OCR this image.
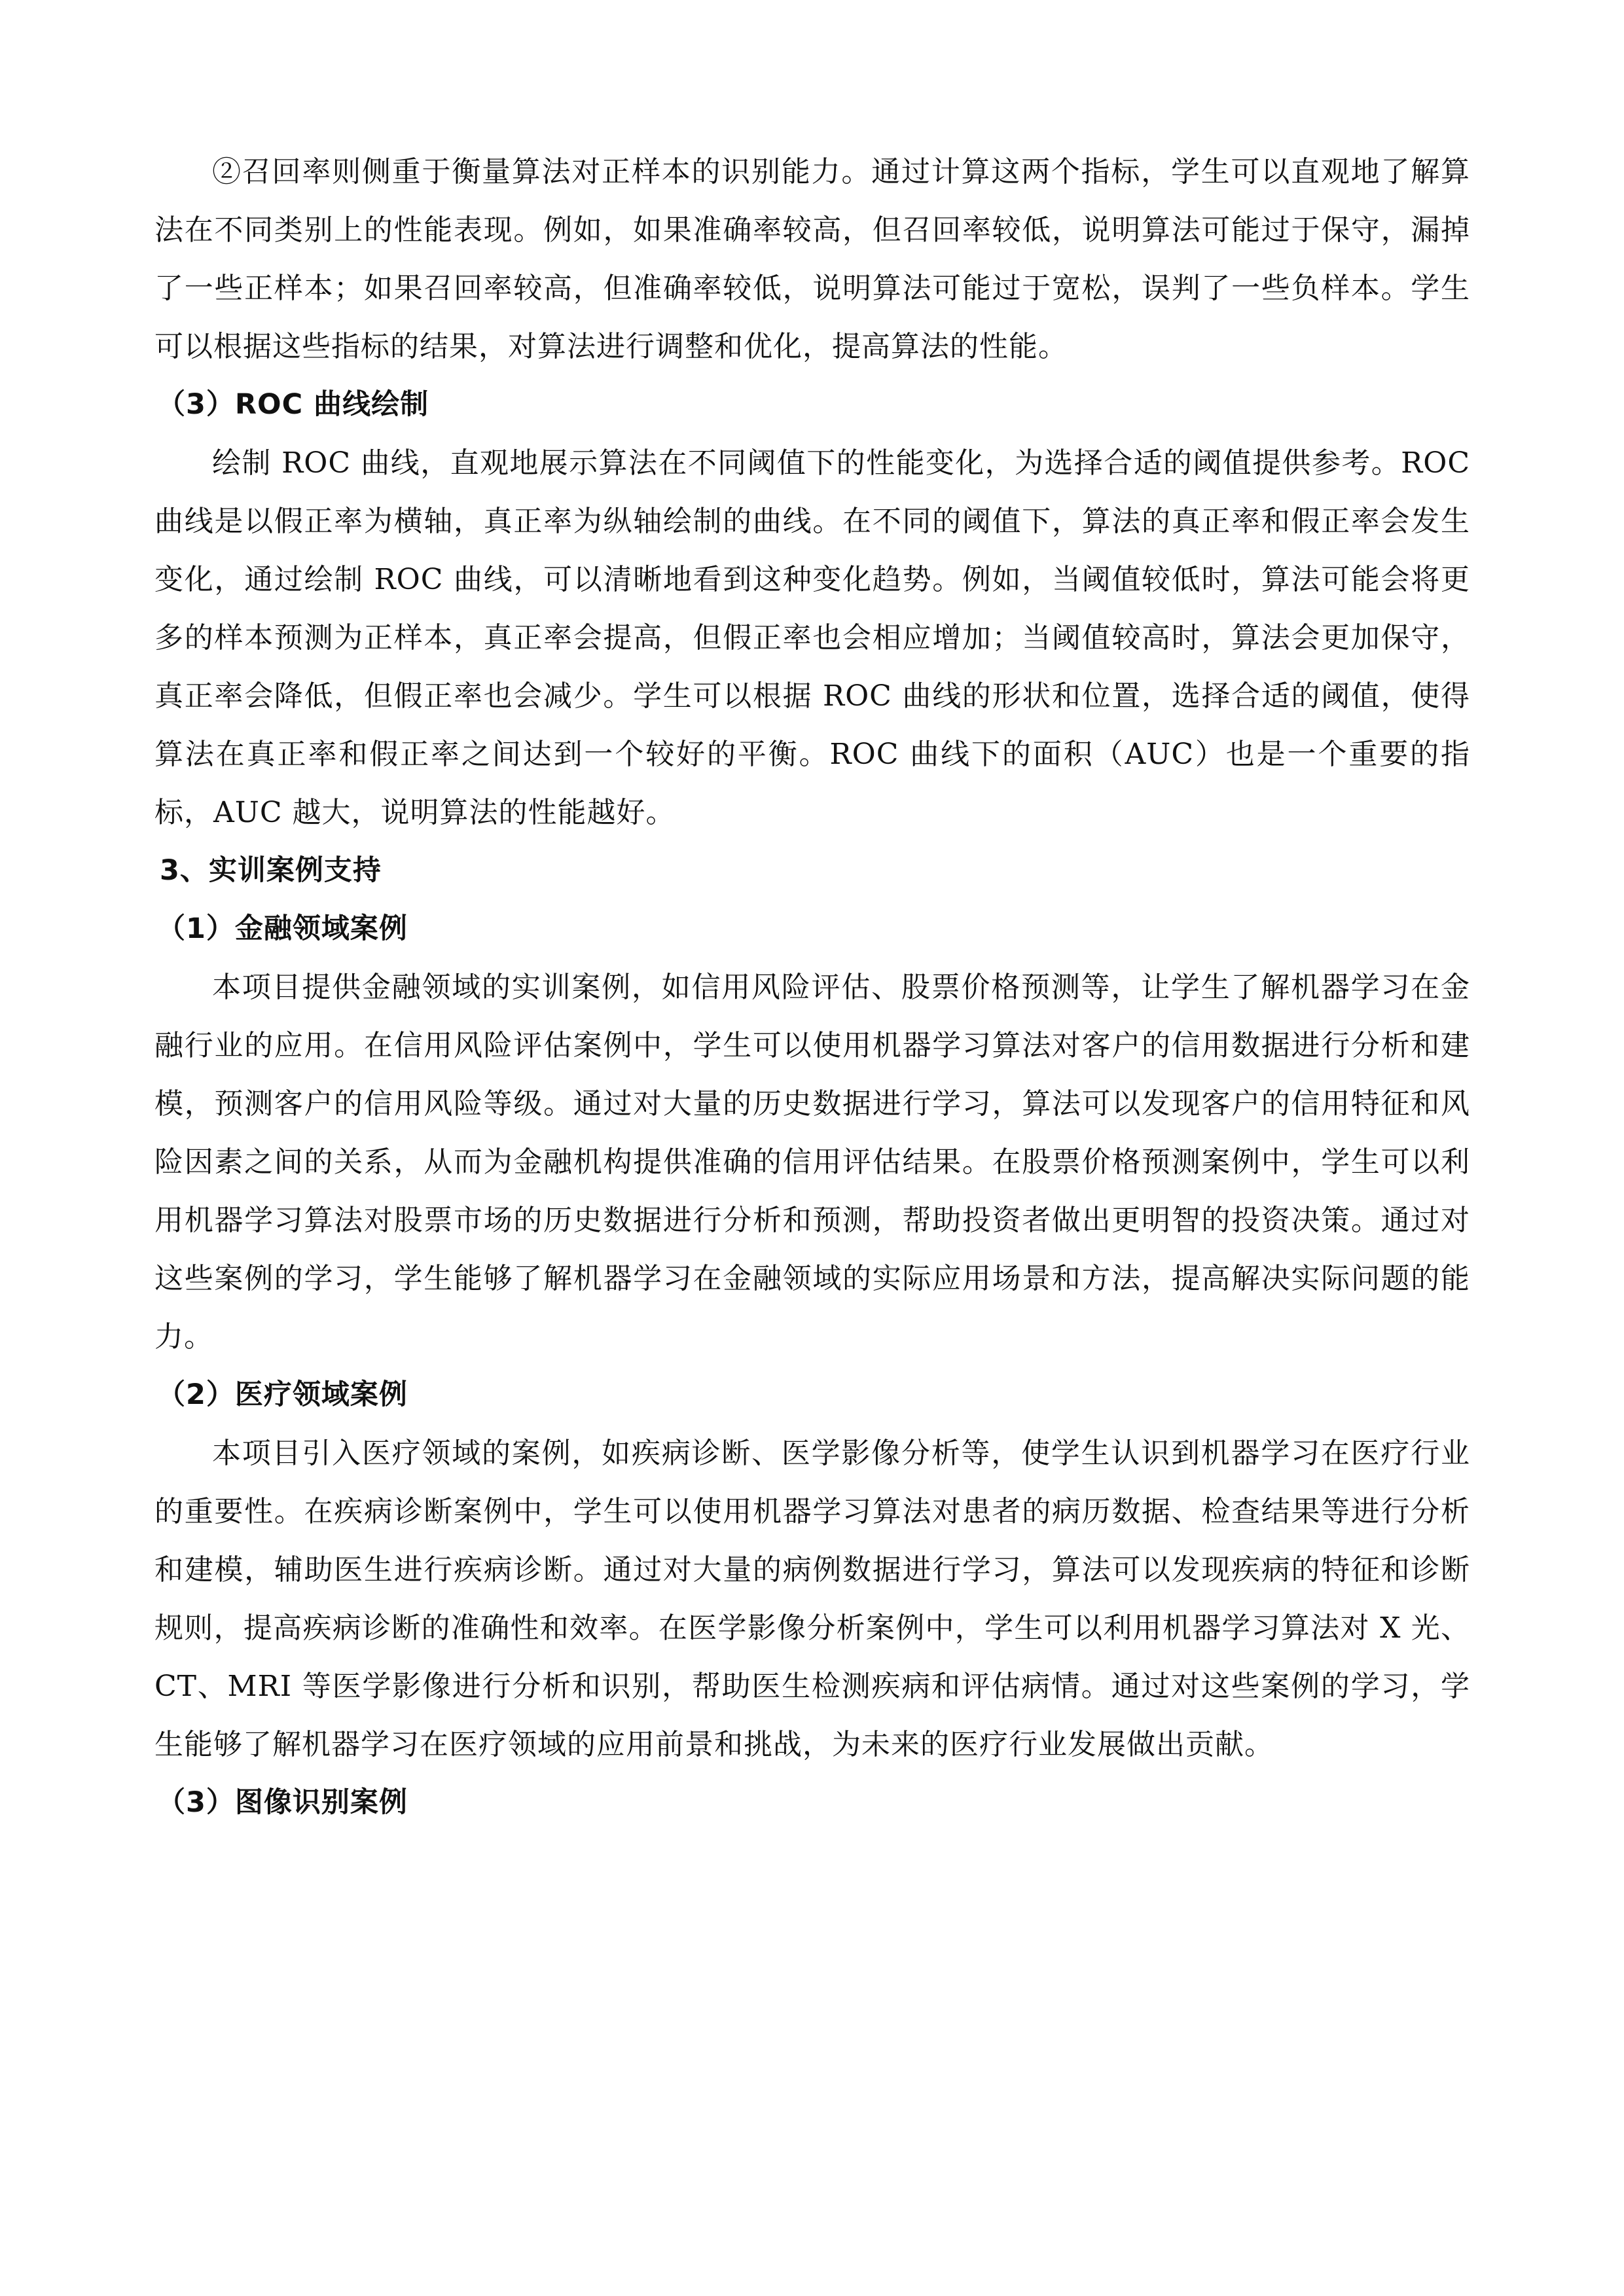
②召回率则侧重于衡量算法对正样本的识别能力。通过计算这两个指标，学生可以直观地了解算法在不同类别上的性能表现。例如，如果准确率较高，但召回率较低，说明算法可能过于保守，漏掉了一些正样本；如果召回率较高，但准确率较低，说明算法可能过于宽松，误判了一些负样本。学生可以根据这些指标的结果，对算法进行调整和优化，提高算法的性能。

（3）ROC 曲线绘制

绘制 ROC 曲线，直观地展示算法在不同阈值下的性能变化，为选择合适的阈值提供参考。ROC 曲线是以假正率为横轴，真正率为纵轴绘制的曲线。在不同的阈值下，算法的真正率和假正率会发生变化，通过绘制 ROC 曲线，可以清晰地看到这种变化趋势。例如，当阈值较低时，算法可能会将更多的样本预测为正样本，真正率会提高，但假正率也会相应增加；当阈值较高时，算法会更加保守，真正率会降低，但假正率也会减少。学生可以根据 ROC 曲线的形状和位置，选择合适的阈值，使得算法在真正率和假正率之间达到一个较好的平衡。ROC 曲线下的面积（AUC）也是一个重要的指标，AUC 越大，说明算法的性能越好。

3、实训案例支持

（1）金融领域案例

本项目提供金融领域的实训案例，如信用风险评估、股票价格预测等，让学生了解机器学习在金融行业的应用。在信用风险评估案例中，学生可以使用机器学习算法对客户的信用数据进行分析和建模，预测客户的信用风险等级。通过对大量的历史数据进行学习，算法可以发现客户的信用特征和风险因素之间的关系，从而为金融机构提供准确的信用评估结果。在股票价格预测案例中，学生可以利用机器学习算法对股票市场的历史数据进行分析和预测，帮助投资者做出更明智的投资决策。通过对这些案例的学习，学生能够了解机器学习在金融领域的实际应用场景和方法，提高解决实际问题的能力。

（2）医疗领域案例

本项目引入医疗领域的案例，如疾病诊断、医学影像分析等，使学生认识到机器学习在医疗行业的重要性。在疾病诊断案例中，学生可以使用机器学习算法对患者的病历数据、检查结果等进行分析和建模，辅助医生进行疾病诊断。通过对大量的病例数据进行学习，算法可以发现疾病的特征和诊断规则，提高疾病诊断的准确性和效率。在医学影像分析案例中，学生可以利用机器学习算法对 X 光、CT、MRI 等医学影像进行分析和识别，帮助医生检测疾病和评估病情。通过对这些案例的学习，学生能够了解机器学习在医疗领域的应用前景和挑战，为未来的医疗行业发展做出贡献。

（3）图像识别案例
